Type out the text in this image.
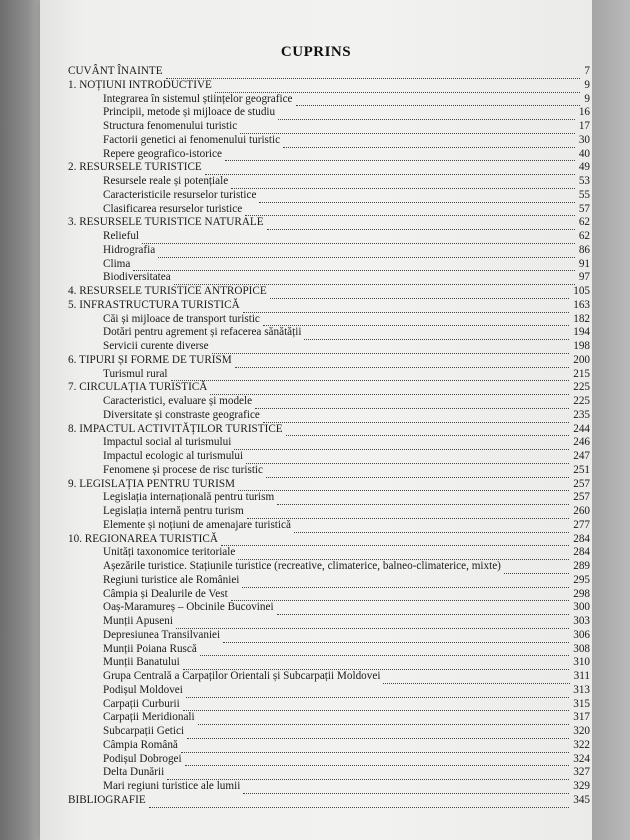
CUPRINS
CUVÂNT ÎNAINTE	7
1. NOȚIUNI INTRODUCTIVE	9
Integrarea în sistemul științelor geografice	9
Principii, metode și mijloace de studiu	16
Structura fenomenului turistic	17
Factorii genetici ai fenomenului turistic	30
Repere geografico-istorice	40
2. RESURSELE TURISTICE	49
Resursele reale și potențiale	53
Caracteristicile resurselor turistice	55
Clasificarea resurselor turistice	57
3. RESURSELE TURISTICE NATURALE	62
Relieful	62
Hidrografia	86
Clima	91
Biodiversitatea	97
4. RESURSELE TURISTICE ANTROPICE	105
5. INFRASTRUCTURA TURISTICĂ	163
Căi și mijloace de transport turistic	182
Dotări pentru agrement și refacerea sănătății	194
Servicii curente diverse	198
6. TIPURI ȘI FORME DE TURISM	200
Turismul rural	215
7. CIRCULAȚIA TURISTICĂ	225
Caracteristici, evaluare și modele	225
Diversitate și constraste geografice	235
8. IMPACTUL ACTIVITĂȚILOR TURISTICE	244
Impactul social al turismului	246
Impactul ecologic al turismului	247
Fenomene și procese de risc turistic	251
9. LEGISLAȚIA PENTRU TURISM	257
Legislația internațională pentru turism	257
Legislația internă pentru turism	260
Elemente și noțiuni de amenajare turistică	277
10. REGIONAREA TURISTICĂ	284
Unități taxonomice teritoriale	284
Așezările turistice. Stațiunile turistice (recreative, climaterice, balneo-climaterice, mixte)	289
Regiuni turistice ale României	295
Câmpia și Dealurile de Vest	298
Oaș-Maramureș – Obcinile Bucovinei	300
Munții Apuseni	303
Depresiunea Transilvaniei	306
Munții Poiana Ruscă	308
Munții Banatului	310
Grupa Centrală a Carpaților Orientali și Subcarpații Moldovei	311
Podișul Moldovei	313
Carpații Curburii	315
Carpații Meridionali	317
Subcarpații Getici	320
Câmpia Română	322
Podișul Dobrogei	324
Delta Dunării	327
Mari regiuni turistice ale lumii	329
BIBLIOGRAFIE	345
